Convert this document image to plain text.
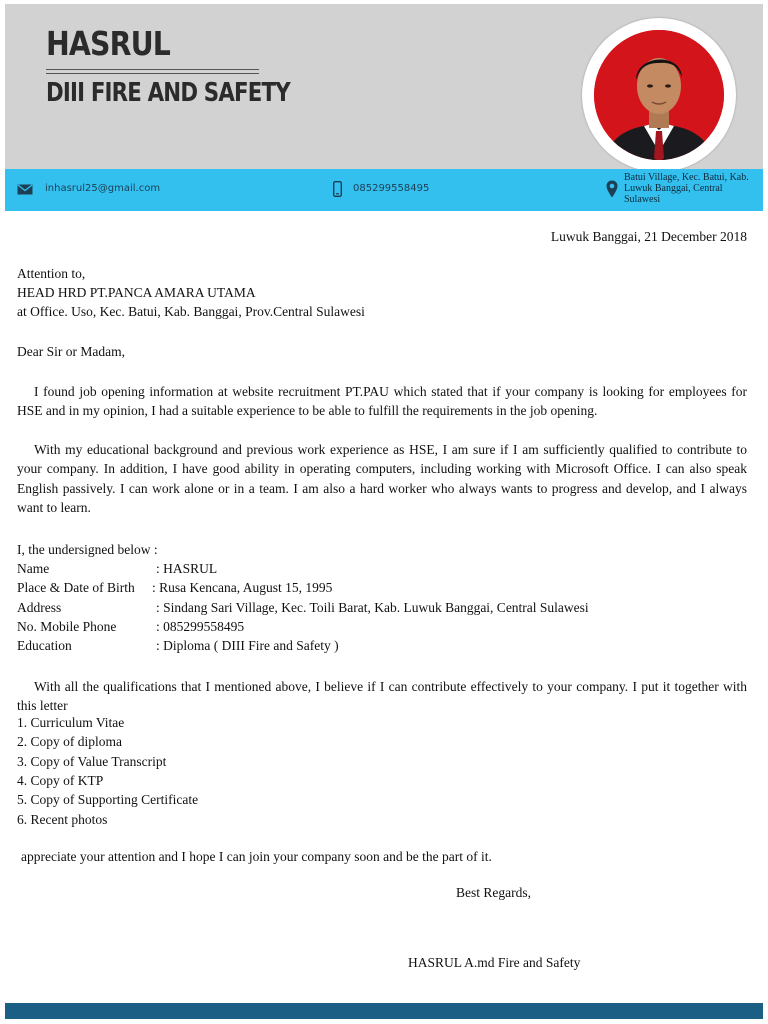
HASRUL
DIII FIRE AND SAFETY
inhasrul25@gmail.com	085299558495
Batui Village, Kec. Batui, Kab. Luwuk Banggai, Central Sulawesi
Luwuk Banggai, 21 December 2018
Attention to,
HEAD HRD PT.PANCA AMARA UTAMA
at Office. Uso, Kec. Batui, Kab. Banggai, Prov.Central Sulawesi
Dear Sir or Madam,
I found job opening information at website recruitment PT.PAU which stated that if your company is looking for employees for HSE and in my opinion, I had a suitable experience to be able to fulfill the requirements in the job opening.
With my educational background and previous work experience as HSE, I am sure if I am sufficiently qualified to contribute to your company. In addition, I have good ability in operating computers, including working with Microsoft Office. I can also speak English passively. I can work alone or in a team. I am also a hard worker who always wants to progress and develop, and I always want to learn.
I, the undersigned below :
Name	: HASRUL
Place & Date of Birth : Rusa Kencana, August 15, 1995
Address	: Sindang Sari Village, Kec. Toili Barat, Kab. Luwuk Banggai, Central Sulawesi
No. Mobile Phone	: 085299558495
Education	: Diploma ( DIII Fire and Safety )
With all the qualifications that I mentioned above, I believe if I can contribute effectively to your company. I put it together with this letter
1. Curriculum Vitae
2. Copy of diploma
3. Copy of Value Transcript
4. Copy of KTP
5. Copy of Supporting Certificate
6. Recent photos
appreciate your attention and I hope I can join your company soon and be the part of it.
Best Regards,
HASRUL A.md Fire and Safety
